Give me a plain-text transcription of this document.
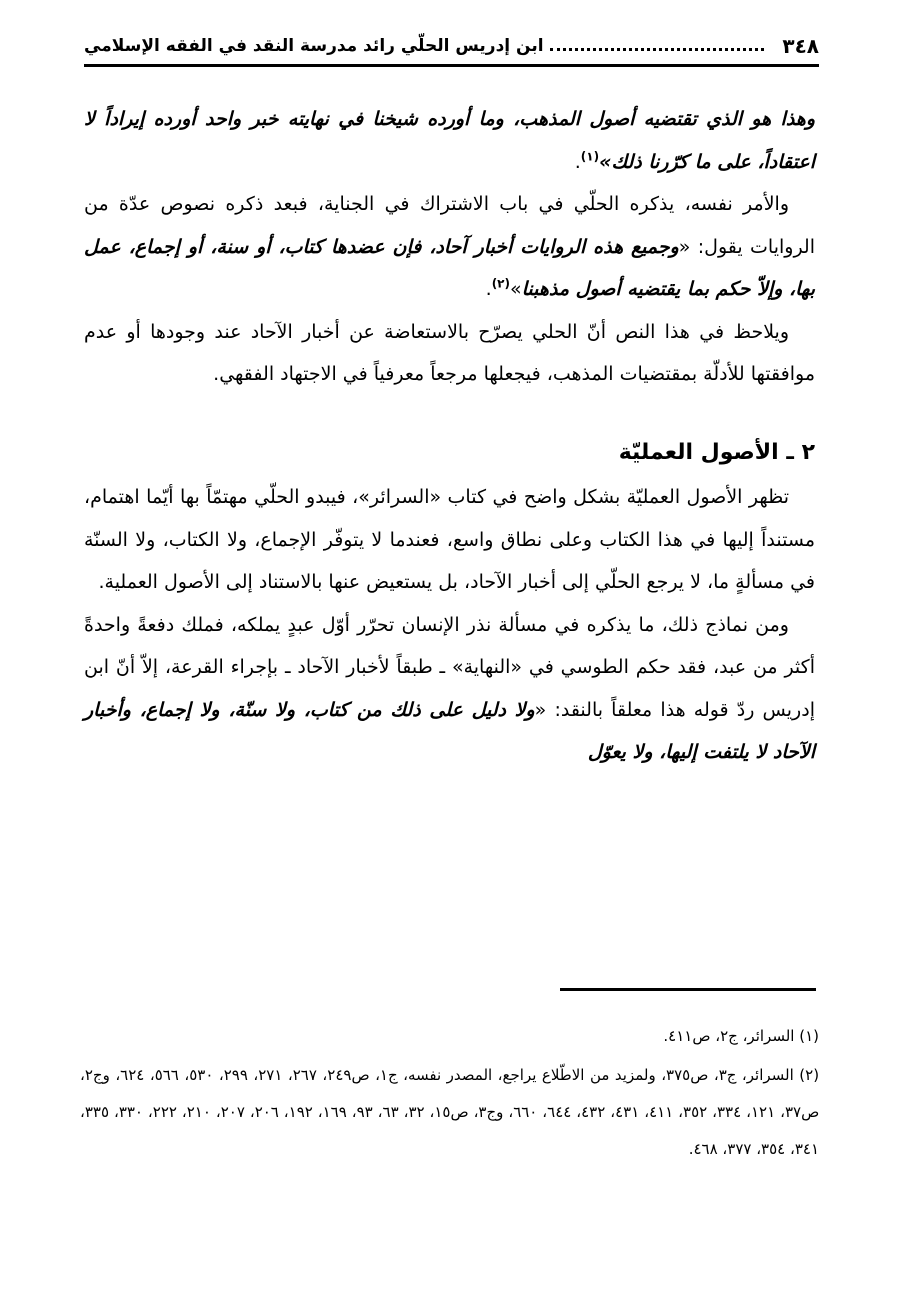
٣٤٨
ابن إدريس الحلّي رائد مدرسة النقد في الفقه الإسلامي

وهذا هو الذي تقتضيه أصول المذهب، وما أورده شيخنا في نهايته خبر واحد أورده إيراداً لا اعتقاداً، على ما كرّرنا ذلك»$^{(١)}$.

والأمر نفسه، يذكره الحلّي في باب الاشتراك في الجناية، فبعد ذكره نصوص عدّة من الروايات يقول: «وجميع هذه الروايات أخبار آحاد، فإن عضدها كتاب، أو سنة، أو إجماع، عمل بها، وإلاّ حكم بما يقتضيه أصول مذهبنا»$^{(٢)}$.

ويلاحظ في هذا النص أنّ الحلي يصرّح بالاستعاضة عن أخبار الآحاد عند وجودها أو عدم موافقتها للأدلّة بمقتضيات المذهب، فيجعلها مرجعاً معرفياً في الاجتهاد الفقهي.

٢ ـ الأصول العمليّة

تظهر الأصول العمليّة بشكل واضح في كتاب «السرائر»، فيبدو الحلّي مهتمّاً بها أيّما اهتمام، مستنداً إليها في هذا الكتاب وعلى نطاق واسع، فعندما لا يتوفّر الإجماع، ولا الكتاب، ولا السنّة في مسألةٍ ما، لا يرجع الحلّي إلى أخبار الآحاد، بل يستعيض عنها بالاستناد إلى الأصول العملية.

ومن نماذج ذلك، ما يذكره في مسألة نذر الإنسان تحرّر أوّل عبدٍ يملكه، فملك دفعةً واحدةً أكثر من عبد، فقد حكم الطوسي في «النهاية» ـ طبقاً لأخبار الآحاد ـ بإجراء القرعة، إلاّ أنّ ابن إدريس ردّ قوله هذا معلقاً بالنقد: «ولا دليل على ذلك من كتاب، ولا سنّة، ولا إجماع، وأخبار الآحاد لا يلتفت إليها، ولا يعوّل

(١) السرائر، ج٢، ص٤١١.

(٢) السرائر، ج٣، ص٣٧٥، ولمزيد من الاطّلاع يراجع، المصدر نفسه، ج١، ص٢٤٩، ٢٦٧، ٢٧١، ٢٩٩، ٥٣٠، ٥٦٦، ٦٢٤، وج٢، ص٣٧، ١٢١، ٣٣٤، ٣٥٢، ٤١١، ٤٣١، ٤٣٢، ٦٤٤، ٦٦٠، وج٣، ص١٥، ٣٢، ٦٣، ٩٣، ١٦٩، ١٩٢، ٢٠٦، ٢٠٧، ٢١٠، ٢٢٢، ٣٣٠، ٣٣٥، ٣٤١، ٣٥٤، ٣٧٧، ٤٦٨.
